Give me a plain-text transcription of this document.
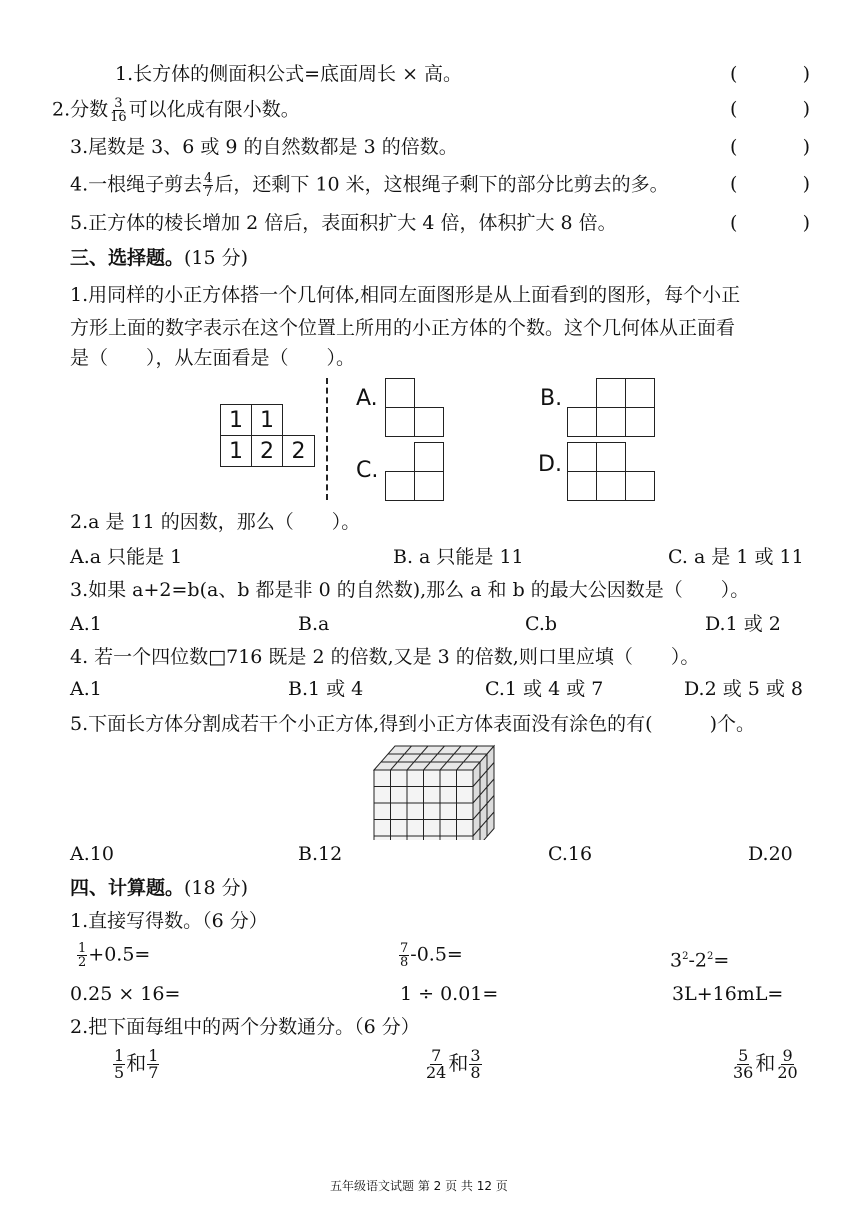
1.长方体的侧面积公式=底面周长 × 高。	(	)
2.分数 $\frac{3}{16}$ 可以化成有限小数。	(	)
3.尾数是 3、6 或 9 的自然数都是 3 的倍数。	(	)
4.一根绳子剪去 $\frac{4}{7}$ 后，还剩下 10 米，这根绳子剩下的部分比剪去的多。	(	)
5.正方体的棱长增加 2 倍后，表面积扩大 4 倍，体积扩大 8 倍。	(	)
三、选择题。(15 分)
1.用同样的小正方体搭一个几何体,相同左面图形是从上面看到的图形，每个小正
方形上面的数字表示在这个位置上所用的小正方体的个数。这个几何体从正面看
是（　　），从左面看是（　　）。
1 1
1 2 2
A.	B.
C.	D.
2.a 是 11 的因数，那么（　　）。
A.a 只能是 1	B. a 只能是 11	C. a 是 1 或 11
3.如果 a+2=b(a、b 都是非 0 的自然数),那么 a 和 b 的最大公因数是（　　）。
A.1	B.a	C.b	D.1 或 2
4. 若一个四位数□716 既是 2 的倍数,又是 3 的倍数,则口里应填（　　）。
A.1	B.1 或 4	C.1 或 4 或 7	D.2 或 5 或 8
5.下面长方体分割成若干个小正方体,得到小正方体表面没有涂色的有(　　　)个。
A.10	B.12	C.16	D.20
四、计算题。(18 分)
1.直接写得数。（6 分）
$\frac{1}{2} +0.5=$	$\frac{7}{8} -0.5=$	$3^2-2^2=$
0.25 × 16=	1 ÷ 0.01=	3L+16mL=
2.把下面每组中的两个分数通分。（6 分）
$\frac{1}{5}$ 和 $\frac{1}{7}$	$\frac{7}{24}$ 和 $\frac{3}{8}$	$\frac{5}{36}$ 和 $\frac{9}{20}$
五年级语文试题 第 2 页 共 12 页
